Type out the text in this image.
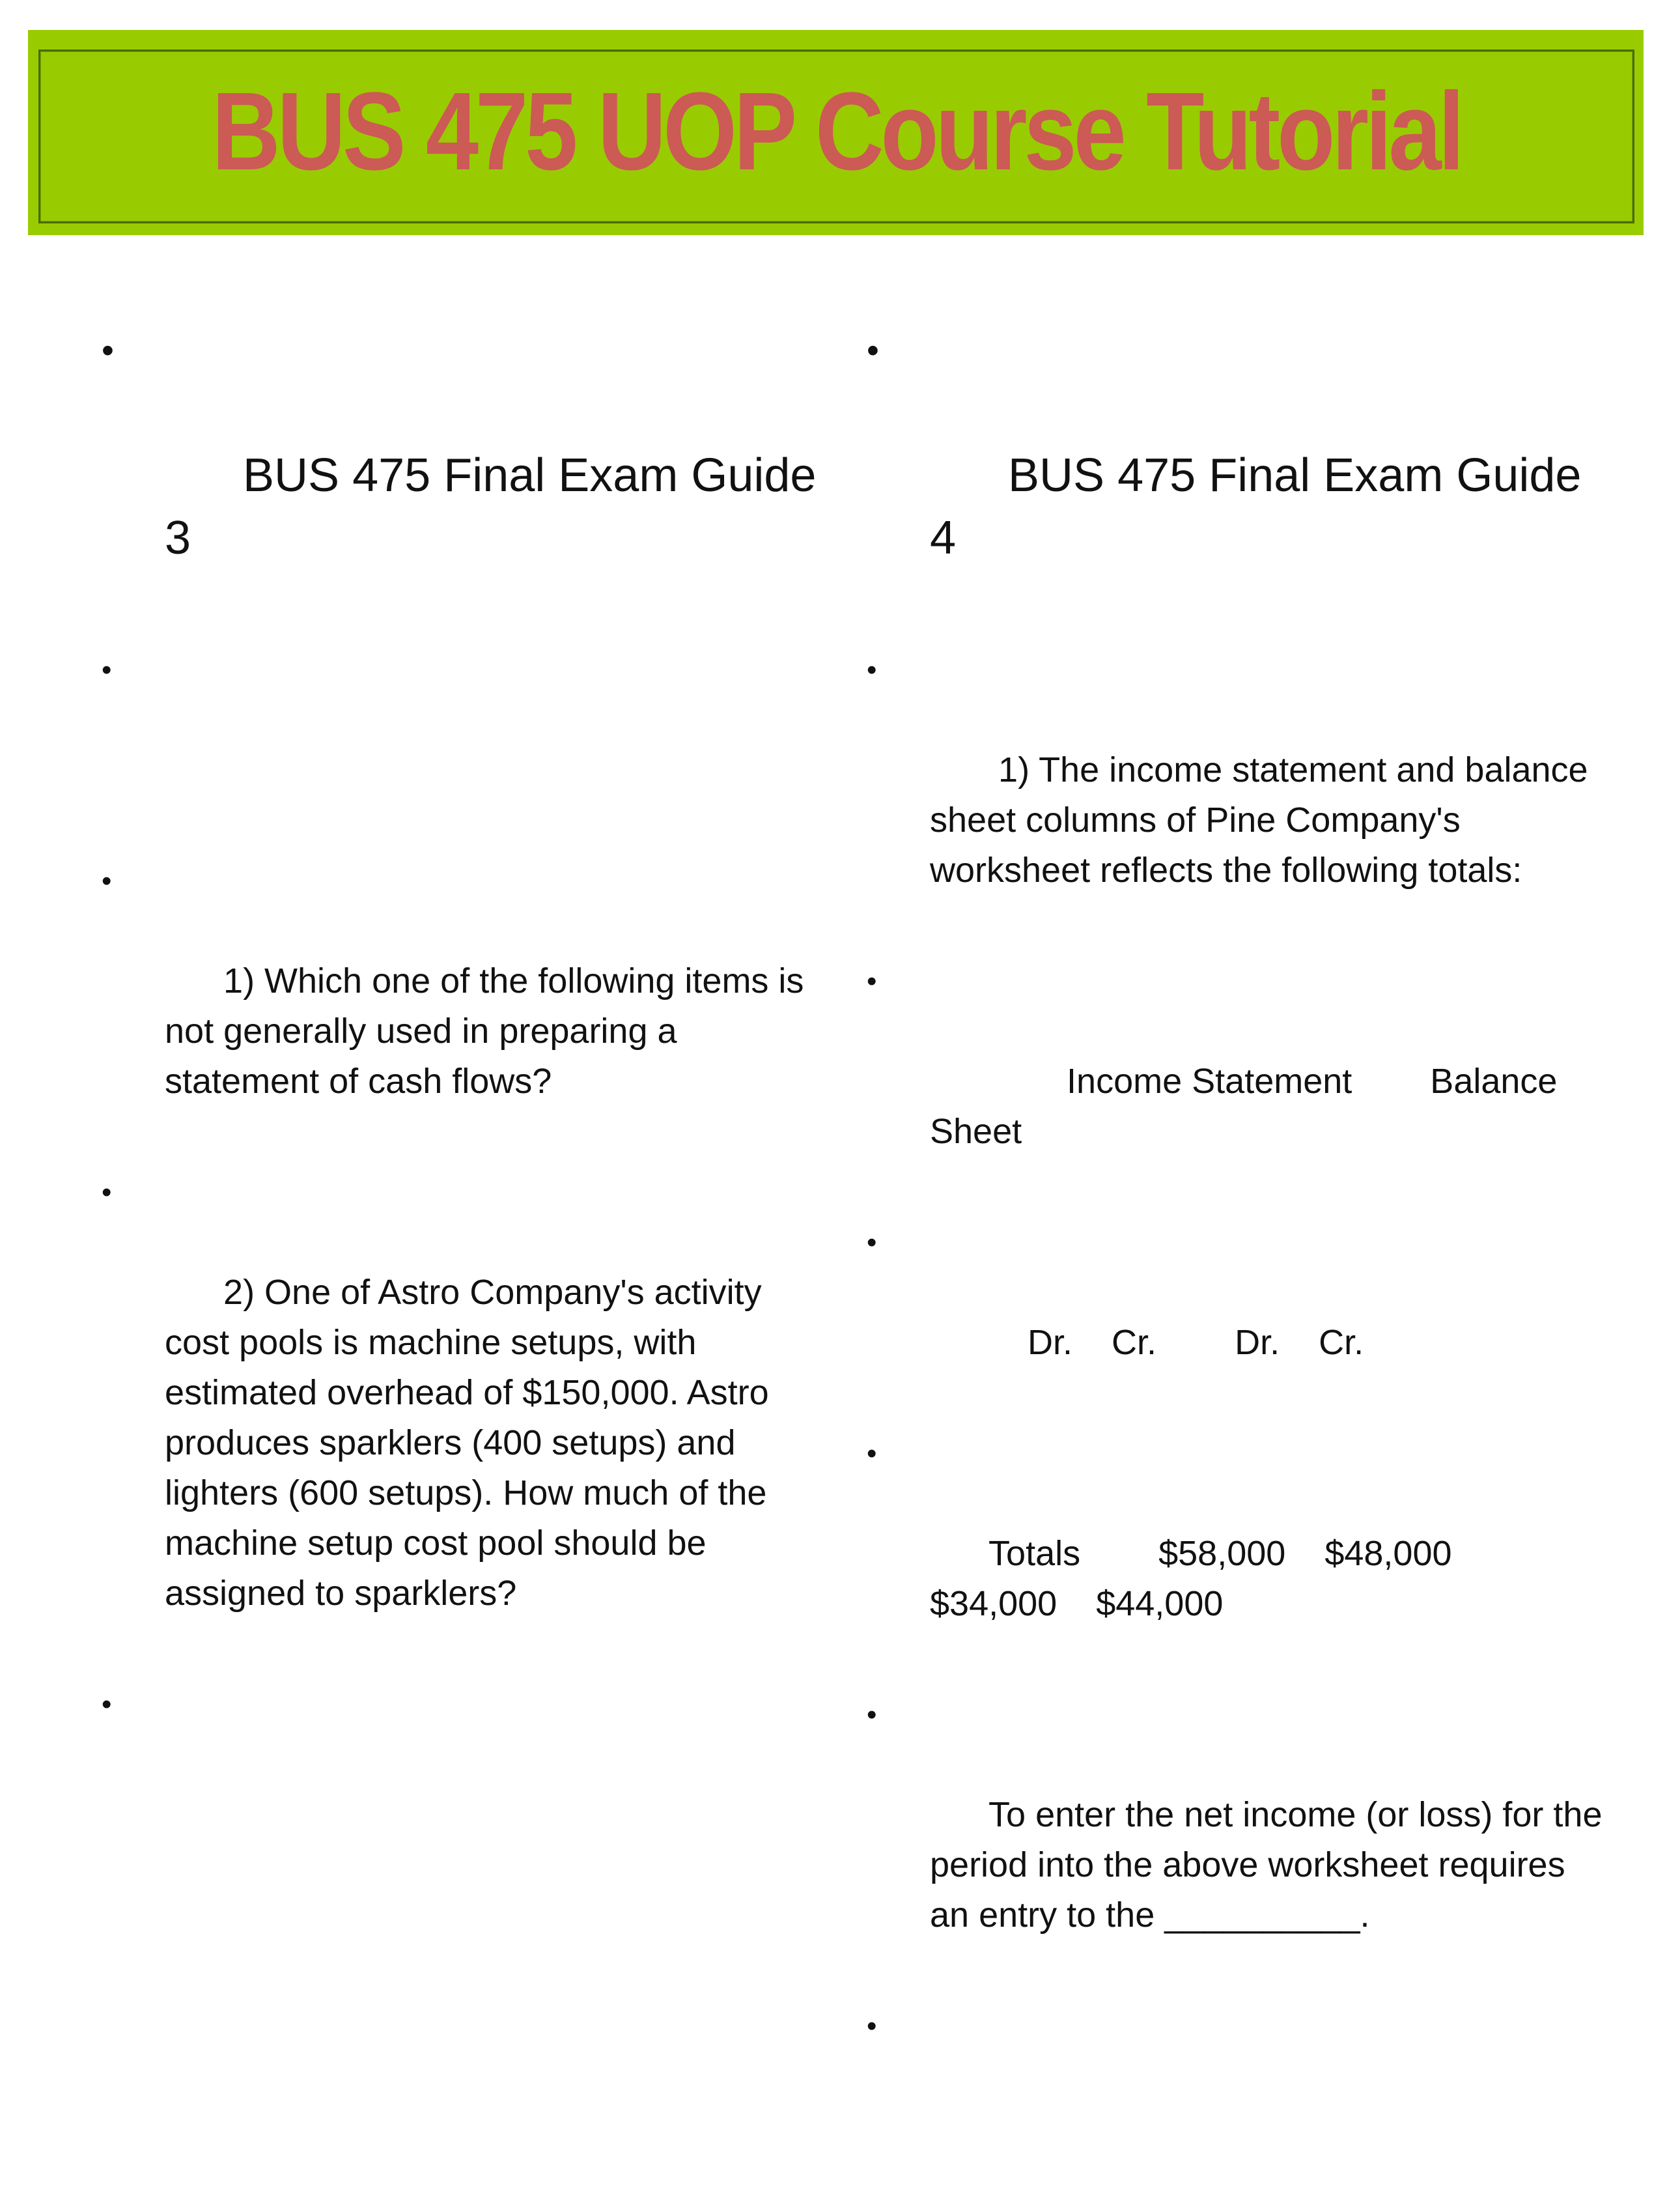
BUS 475 UOP Course Tutorial

•

BUS 475 Final Exam Guide 3

•

•

1) Which one of the following items is not generally used in preparing a statement of cash flows?

•

2) One of Astro Company's activity cost pools is machine setups, with estimated overhead of $150,000. Astro produces sparklers (400 setups) and lighters (600 setups). How much of the machine setup cost pool should be assigned to sparklers?

•

•

BUS 475 Final Exam Guide 4

•

1) The income statement and balance sheet columns of Pine Company's worksheet reflects the following totals:

•

Income Statement        Balance Sheet

•

Dr.    Cr.        Dr.    Cr.

•

Totals        $58,000    $48,000    $34,000    $44,000

•

To enter the net income (or loss) for the period into the above worksheet requires an entry to the __________.

•
